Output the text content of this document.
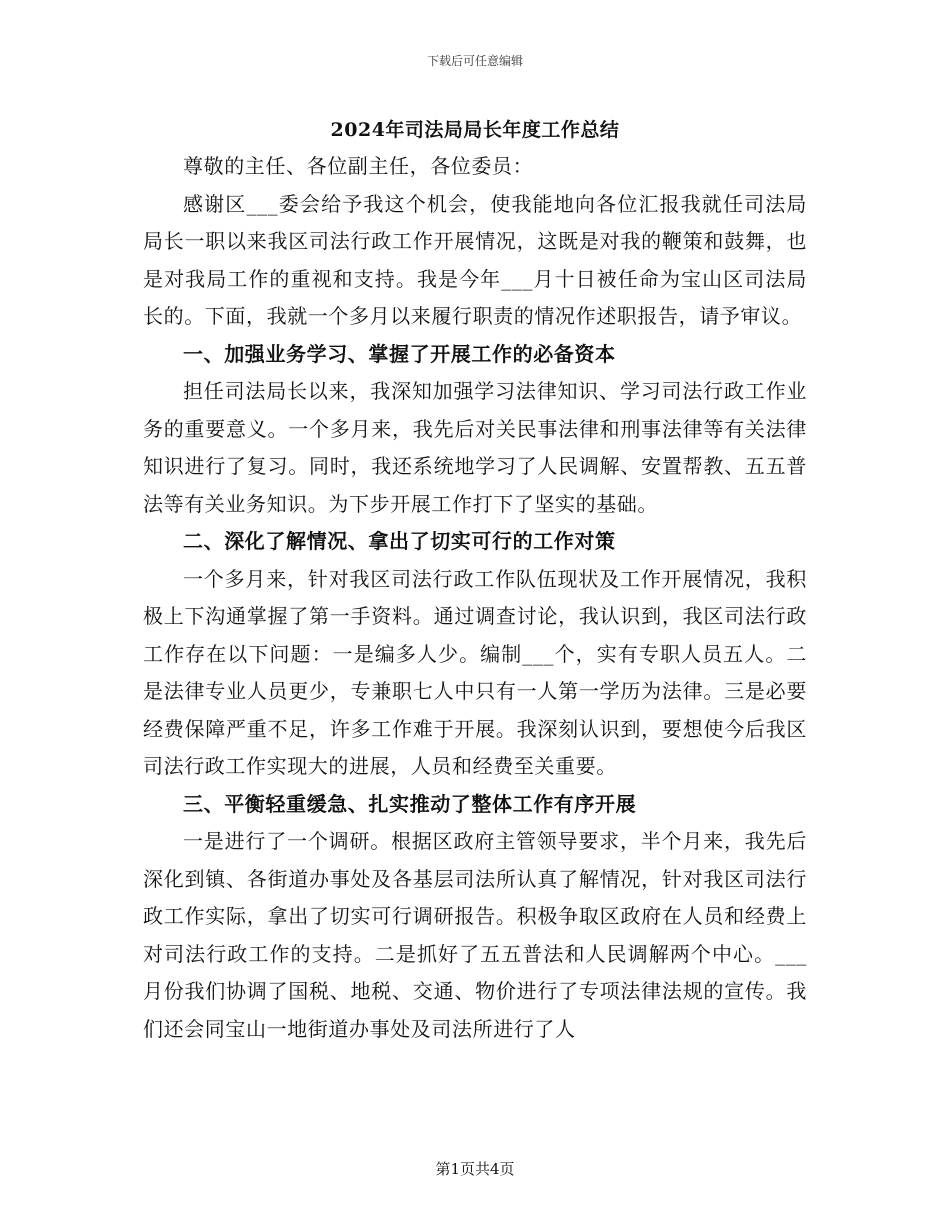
下载后可任意编辑
2024年司法局局长年度工作总结

尊敬的主任、各位副主任，各位委员：

感谢区___委会给予我这个机会，使我能地向各位汇报我就任司法局局长一职以来我区司法行政工作开展情况，这既是对我的鞭策和鼓舞，也是对我局工作的重视和支持。我是今年___月十日被任命为宝山区司法局长的。下面，我就一个多月以来履行职责的情况作述职报告，请予审议。

一、加强业务学习、掌握了开展工作的必备资本

担任司法局长以来，我深知加强学习法律知识、学习司法行政工作业务的重要意义。一个多月来，我先后对关民事法律和刑事法律等有关法律知识进行了复习。同时，我还系统地学习了人民调解、安置帮教、五五普法等有关业务知识。为下步开展工作打下了坚实的基础。

二、深化了解情况、拿出了切实可行的工作对策

一个多月来，针对我区司法行政工作队伍现状及工作开展情况，我积极上下沟通掌握了第一手资料。通过调查讨论，我认识到，我区司法行政工作存在以下问题：一是编多人少。编制___个，实有专职人员五人。二是法律专业人员更少，专兼职七人中只有一人第一学历为法律。三是必要经费保障严重不足，许多工作难于开展。我深刻认识到，要想使今后我区司法行政工作实现大的进展，人员和经费至关重要。

三、平衡轻重缓急、扎实推动了整体工作有序开展

一是进行了一个调研。根据区政府主管领导要求，半个月来，我先后深化到镇、各街道办事处及各基层司法所认真了解情况，针对我区司法行政工作实际，拿出了切实可行调研报告。积极争取区政府在人员和经费上对司法行政工作的支持。二是抓好了五五普法和人民调解两个中心。___月份我们协调了国税、地税、交通、物价进行了专项法律法规的宣传。我们还会同宝山一地街道办事处及司法所进行了人

第1页共4页
